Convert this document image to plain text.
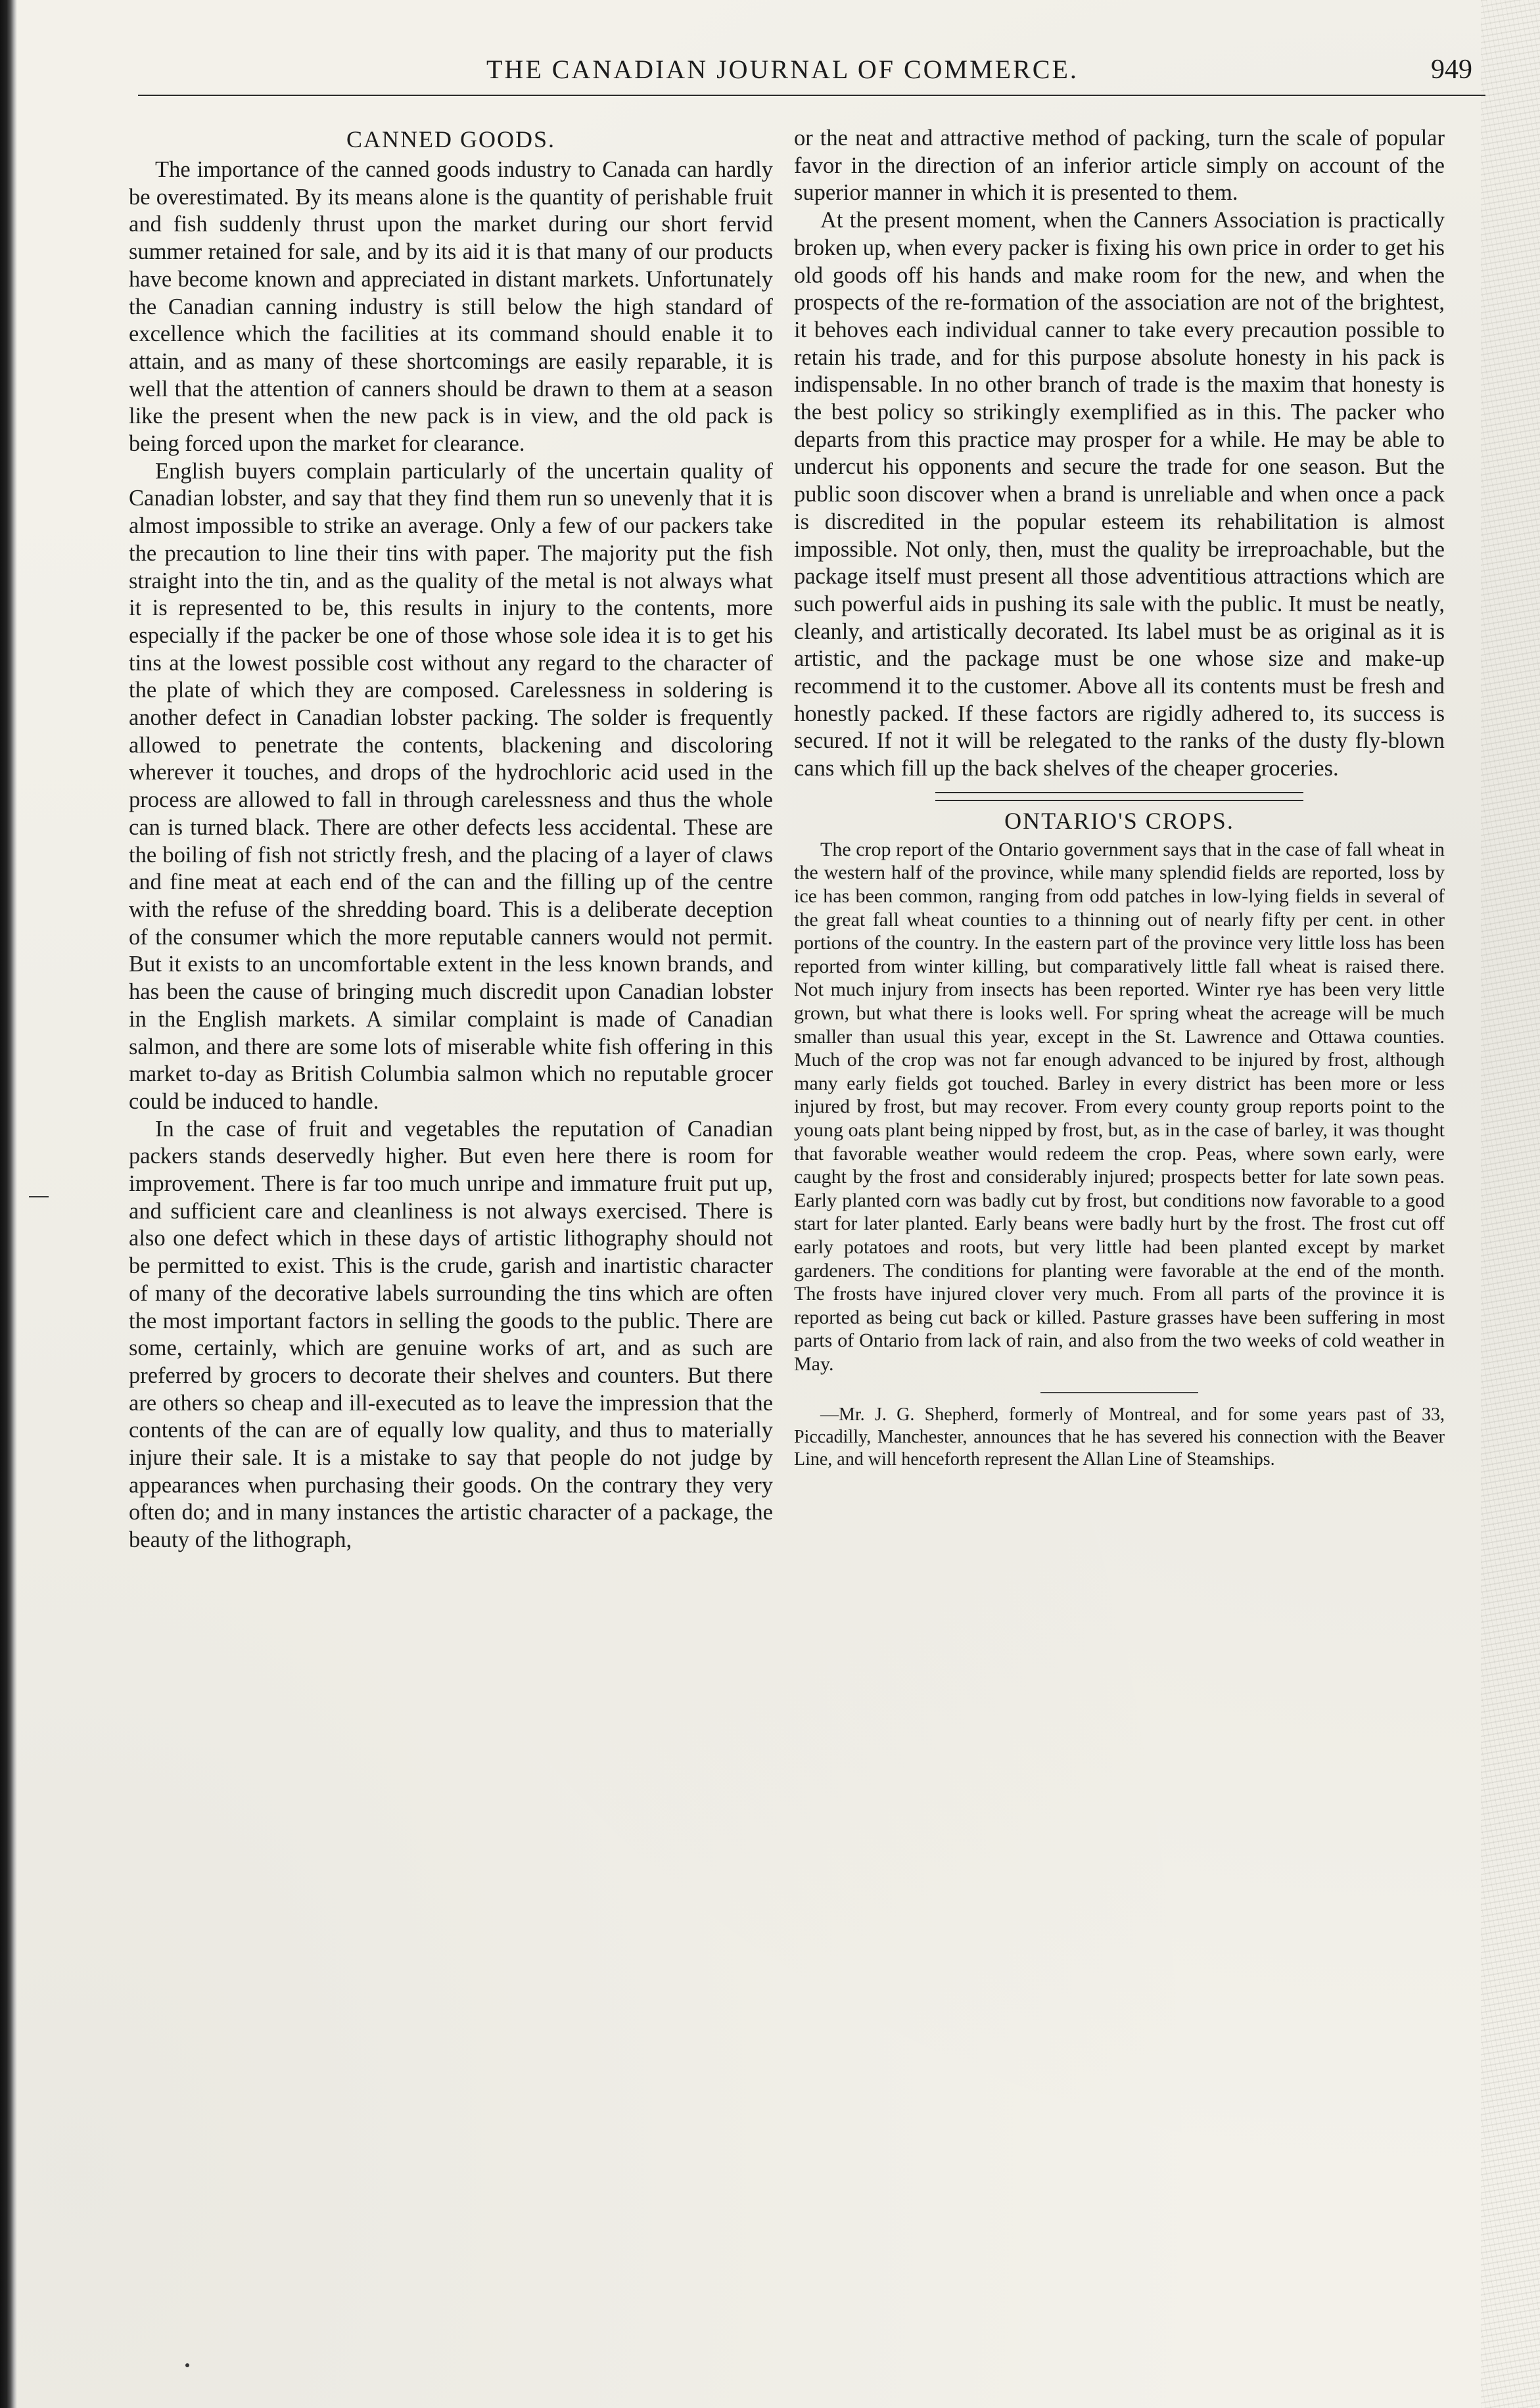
THE CANADIAN JOURNAL OF COMMERCE.	949
CANNED GOODS.

The importance of the canned goods industry to Canada can hardly be overestimated. By its means alone is the quantity of perishable fruit and fish suddenly thrust upon the market during our short fervid summer retained for sale, and by its aid it is that many of our products have become known and appreciated in distant markets. Unfortunately the Canadian canning industry is still below the high standard of excellence which the facilities at its command should enable it to attain, and as many of these shortcomings are easily reparable, it is well that the attention of canners should be drawn to them at a season like the present when the new pack is in view, and the old pack is being forced upon the market for clearance.

English buyers complain particularly of the uncertain quality of Canadian lobster, and say that they find them run so unevenly that it is almost impossible to strike an average. Only a few of our packers take the precaution to line their tins with paper. The majority put the fish straight into the tin, and as the quality of the metal is not always what it is represented to be, this results in injury to the contents, more especially if the packer be one of those whose sole idea it is to get his tins at the lowest possible cost without any regard to the character of the plate of which they are composed. Carelessness in soldering is another defect in Canadian lobster packing. The solder is frequently allowed to penetrate the contents, blackening and discoloring wherever it touches, and drops of the hydrochloric acid used in the process are allowed to fall in through carelessness and thus the whole can is turned black. There are other defects less accidental. These are the boiling of fish not strictly fresh, and the placing of a layer of claws and fine meat at each end of the can and the filling up of the centre with the refuse of the shredding board. This is a deliberate deception of the consumer which the more reputable canners would not permit. But it exists to an uncomfortable extent in the less known brands, and has been the cause of bringing much discredit upon Canadian lobster in the English markets. A similar complaint is made of Canadian salmon, and there are some lots of miserable white fish offering in this market to-day as British Columbia salmon which no reputable grocer could be induced to handle.

In the case of fruit and vegetables the reputation of Canadian packers stands deservedly higher. But even here there is room for improvement. There is far too much unripe and immature fruit put up, and sufficient care and cleanliness is not always exercised. There is also one defect which in these days of artistic lithography should not be permitted to exist. This is the crude, garish and inartistic character of many of the decorative labels surrounding the tins which are often the most important factors in selling the goods to the public. There are some, certainly, which are genuine works of art, and as such are preferred by grocers to decorate their shelves and counters. But there are others so cheap and ill-executed as to leave the impression that the contents of the can are of equally low quality, and thus to materially injure their sale. It is a mistake to say that people do not judge by appearances when purchasing their goods. On the contrary they very often do; and in many instances the artistic character of a package, the beauty of the lithograph,

or the neat and attractive method of packing, turn the scale of popular favor in the direction of an inferior article simply on account of the superior manner in which it is presented to them.

At the present moment, when the Canners Association is practically broken up, when every packer is fixing his own price in order to get his old goods off his hands and make room for the new, and when the prospects of the re-formation of the association are not of the brightest, it behoves each individual canner to take every precaution possible to retain his trade, and for this purpose absolute honesty in his pack is indispensable. In no other branch of trade is the maxim that honesty is the best policy so strikingly exemplified as in this. The packer who departs from this practice may prosper for a while. He may be able to undercut his opponents and secure the trade for one season. But the public soon discover when a brand is unreliable and when once a pack is discredited in the popular esteem its rehabilitation is almost impossible. Not only, then, must the quality be irreproachable, but the package itself must present all those adventitious attractions which are such powerful aids in pushing its sale with the public. It must be neatly, cleanly, and artistically decorated. Its label must be as original as it is artistic, and the package must be one whose size and make-up recommend it to the customer. Above all its contents must be fresh and honestly packed. If these factors are rigidly adhered to, its success is secured. If not it will be relegated to the ranks of the dusty fly-blown cans which fill up the back shelves of the cheaper groceries.

ONTARIO'S CROPS.

The crop report of the Ontario government says that in the case of fall wheat in the western half of the province, while many splendid fields are reported, loss by ice has been common, ranging from odd patches in low-lying fields in several of the great fall wheat counties to a thinning out of nearly fifty per cent. in other portions of the country. In the eastern part of the province very little loss has been reported from winter killing, but comparatively little fall wheat is raised there. Not much injury from insects has been reported. Winter rye has been very little grown, but what there is looks well. For spring wheat the acreage will be much smaller than usual this year, except in the St. Lawrence and Ottawa counties. Much of the crop was not far enough advanced to be injured by frost, although many early fields got touched. Barley in every district has been more or less injured by frost, but may recover. From every county group reports point to the young oats plant being nipped by frost, but, as in the case of barley, it was thought that favorable weather would redeem the crop. Peas, where sown early, were caught by the frost and considerably injured; prospects better for late sown peas. Early planted corn was badly cut by frost, but conditions now favorable to a good start for later planted. Early beans were badly hurt by the frost. The frost cut off early potatoes and roots, but very little had been planted except by market gardeners. The conditions for planting were favorable at the end of the month. The frosts have injured clover very much. From all parts of the province it is reported as being cut back or killed. Pasture grasses have been suffering in most parts of Ontario from lack of rain, and also from the two weeks of cold weather in May.

—Mr. J. G. Shepherd, formerly of Montreal, and for some years past of 33, Piccadilly, Manchester, announces that he has severed his connection with the Beaver Line, and will henceforth represent the Allan Line of Steamships.
